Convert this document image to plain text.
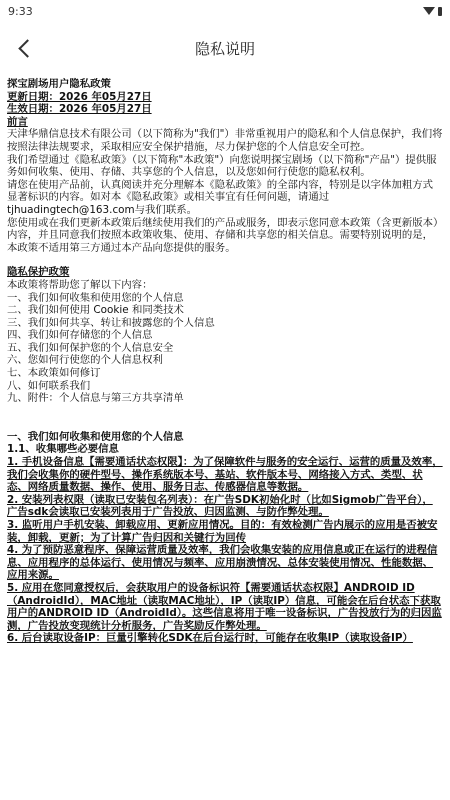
9:33
隐私说明

探宝剧场用户隐私政策

更新日期：2026 年05月27日

生效日期：2026 年05月27日

前言

天津华鼎信息技术有限公司（以下简称为"我们"）非常重视用户的隐私和个人信息保护，我们将按照法律法规要求，采取相应安全保护措施，尽力保护您的个人信息安全可控。

我们希望通过《隐私政策》（以下简称"本政策"）向您说明探宝剧场（以下简称"产品"）提供服务如何收集、使用、存储、共享您的个人信息，以及您如何行使您的隐私权利。

请您在使用产品前，认真阅读并充分理解本《隐私政策》的全部内容，特别是以字体加粗方式显著标识的内容。如对本《隐私政策》或相关事宜有任何问题，请通过tjhuadingtech@163.com与我们联系。

您使用或在我们更新本政策后继续使用我们的产品或服务，即表示您同意本政策（含更新版本）内容，并且同意我们按照本政策收集、使用、存储和共享您的相关信息。需要特别说明的是，本政策不适用第三方通过本产品向您提供的服务。

隐私保护政策

本政策将帮助您了解以下内容：

一、我们如何收集和使用您的个人信息

二、我们如何使用 Cookie 和同类技术

三、我们如何共享、转让和披露您的个人信息

四、我们如何存储您的个人信息

五、我们如何保护您的个人信息安全

六、您如何行使您的个人信息权利

七、本政策如何修订

八、如何联系我们

九、附件：个人信息与第三方共享清单

一、我们如何收集和使用您的个人信息

1.1、收集哪些必要信息

1. 手机设备信息【需要通话状态权限】：为了保障软件与服务的安全运行、运营的质量及效率，我们会收集你的硬件型号、操作系统版本号、基站、软件版本号、网络接入方式、类型、状态、网络质量数据、操作、使用、服务日志、传感器信息等数据。

2. 安装列表权限（读取已安装包名列表）：在广告SDK初始化时（比如Sigmob广告平台），广告sdk会读取已安装列表用于广告投放、归因监测、与防作弊处理。

3. 监听用户手机安装、卸载应用、更新应用情况。目的：有效检测广告内展示的应用是否被安装，卸载，更新；为了计算广告归因和关键行为回传

4. 为了预防恶意程序、保障运营质量及效率，我们会收集安装的应用信息或正在运行的进程信息、应用程序的总体运行、使用情况与频率、应用崩溃情况、总体安装使用情况、性能数据、应用来源。

5. 应用在您同意授权后，会获取用户的设备标识符【需要通话状态权限】ANDROID ID（AndroidId），MAC地址（读取MAC地址），IP（读取IP）信息，可能会在后台状态下获取用户的ANDROID ID（AndroidId）。这些信息将用于唯一设备标识，广告投放行为的归因监测，广告投放变现统计分析服务，广告奖励反作弊处理。

6. 后台读取设备IP：巨量引擎转化SDK在后台运行时，可能存在收集IP（读取设备IP）
